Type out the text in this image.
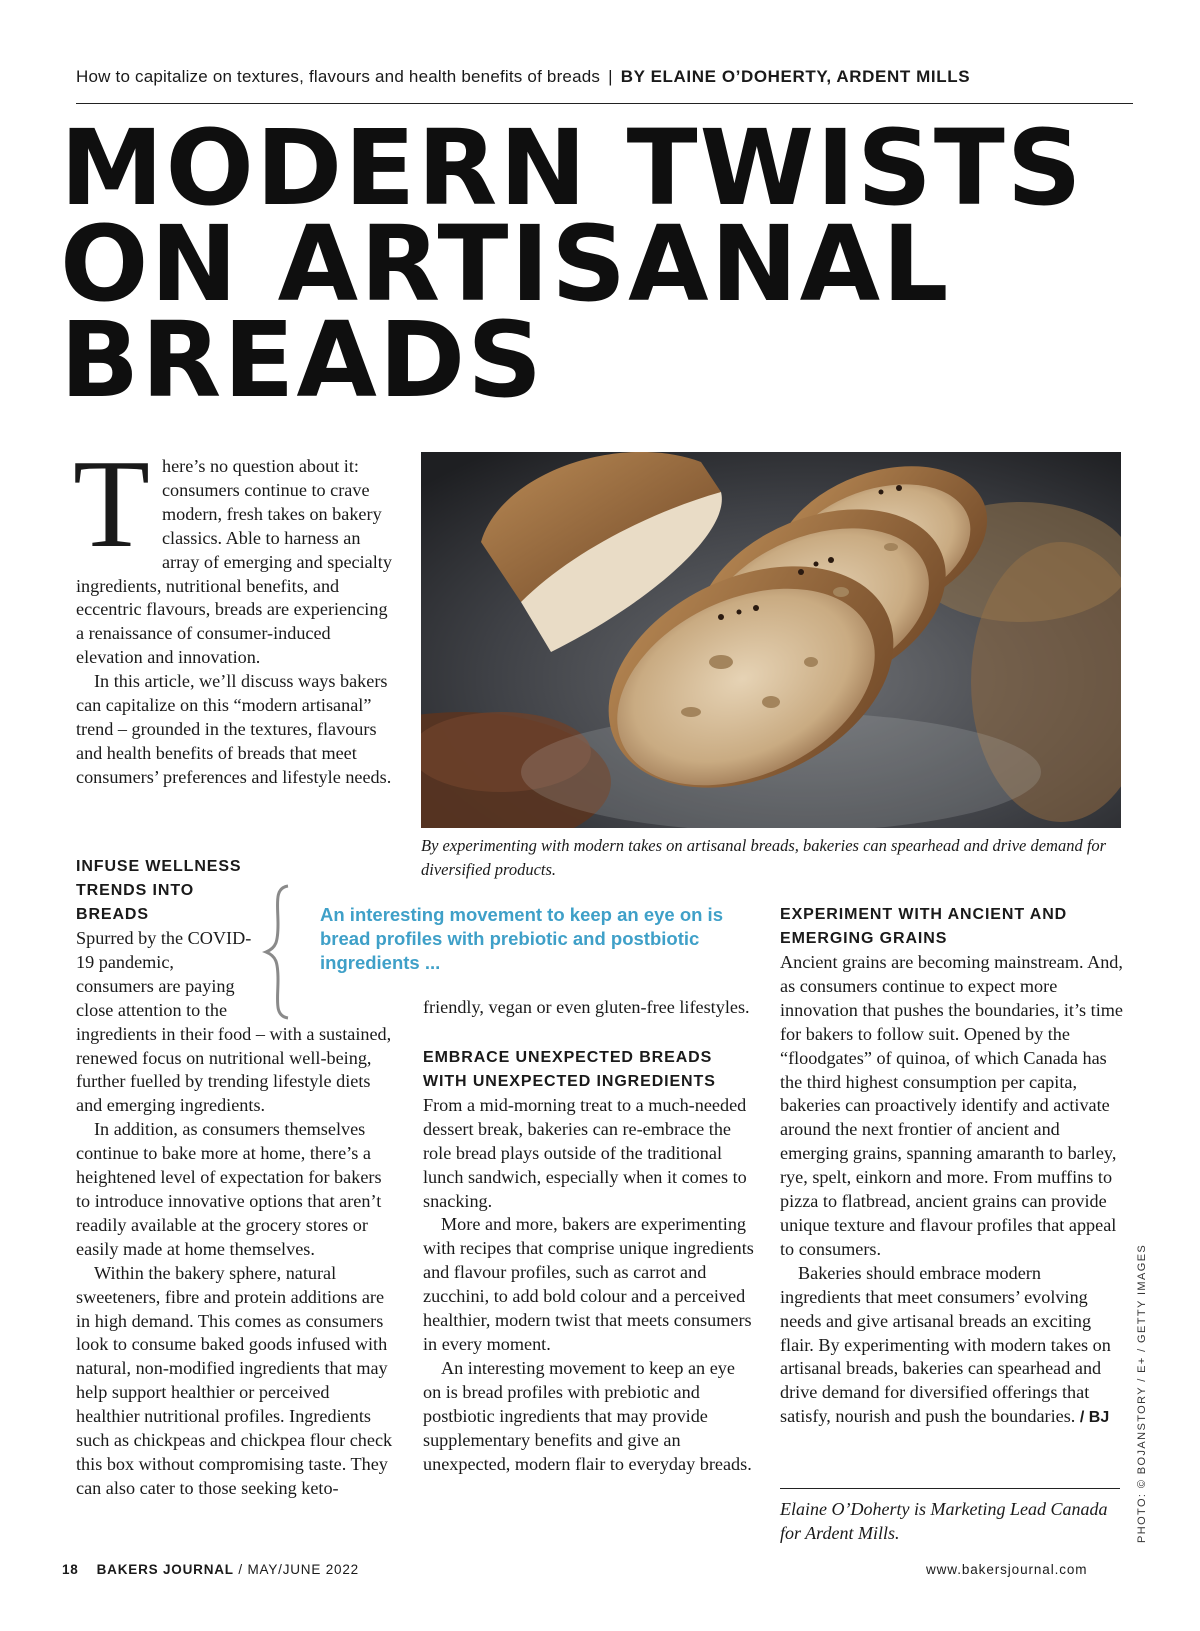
How to capitalize on textures, flavours and health benefits of breads | BY ELAINE O’DOHERTY, ARDENT MILLS
MODERN TWISTS
ON ARTISANAL
BREADS
T here’s no question about it: consumers continue to crave modern, fresh takes on bakery classics. Able to harness an array of emerging and specialty ingredients, nutritional benefits, and eccentric flavours, breads are experiencing a renaissance of consumer-induced elevation and innovation.

In this article, we’ll discuss ways bakers can capitalize on this “modern artisanal” trend – grounded in the textures, flavours and health benefits of breads that meet consumers’ preferences and lifestyle needs.

By experimenting with modern takes on artisanal breads, bakeries can spearhead and drive demand for diversified products.
INFUSE WELLNESS
TRENDS INTO
BREADS

Spurred by the COVID-19 pandemic, consumers are paying close attention to the

ingredients in their food – with a sustained, renewed focus on nutritional well-being, further fuelled by trending lifestyle diets and emerging ingredients.

In addition, as consumers themselves continue to bake more at home, there’s a heightened level of expectation for bakers to introduce innovative options that aren’t readily available at the grocery stores or easily made at home themselves.

Within the bakery sphere, natural sweeteners, fibre and protein additions are in high demand. This comes as consumers look to consume baked goods infused with natural, non-modified ingredients that may help support healthier or perceived healthier nutritional profiles. Ingredients such as chickpeas and chickpea flour check this box without compromising taste. They can also cater to those seeking keto-

An interesting movement to keep an eye on is bread profiles with prebiotic and postbiotic ingredients ...

friendly, vegan or even gluten-free lifestyles.

EMBRACE UNEXPECTED BREADS
WITH UNEXPECTED INGREDIENTS

From a mid-morning treat to a much-needed dessert break, bakeries can re-embrace the role bread plays outside of the traditional lunch sandwich, especially when it comes to snacking.

More and more, bakers are experimenting with recipes that comprise unique ingredients and flavour profiles, such as carrot and zucchini, to add bold colour and a perceived healthier, modern twist that meets consumers in every moment.

An interesting movement to keep an eye on is bread profiles with prebiotic and postbiotic ingredients that may provide supplementary benefits and give an unexpected, modern flair to everyday breads.

EXPERIMENT WITH ANCIENT AND
EMERGING GRAINS

Ancient grains are becoming mainstream. And, as consumers continue to expect more innovation that pushes the boundaries, it’s time for bakers to follow suit. Opened by the “floodgates” of quinoa, of which Canada has the third highest consumption per capita, bakeries can proactively identify and activate around the next frontier of ancient and emerging grains, spanning amaranth to barley, rye, spelt, einkorn and more. From muffins to pizza to flatbread, ancient grains can provide unique texture and flavour profiles that appeal to consumers.

Bakeries should embrace modern ingredients that meet consumers’ evolving needs and give artisanal breads an exciting flair. By experimenting with modern takes on artisanal breads, bakeries can spearhead and drive demand for diversified offerings that satisfy, nourish and push the boundaries. / BJ

Elaine O’Doherty is Marketing Lead Canada for Ardent Mills.	PHOTO: © BOJANSTORY / E+ / GETTY IMAGES
18 BAKERS JOURNAL / MAY/JUNE 2022	www.bakersjournal.com
